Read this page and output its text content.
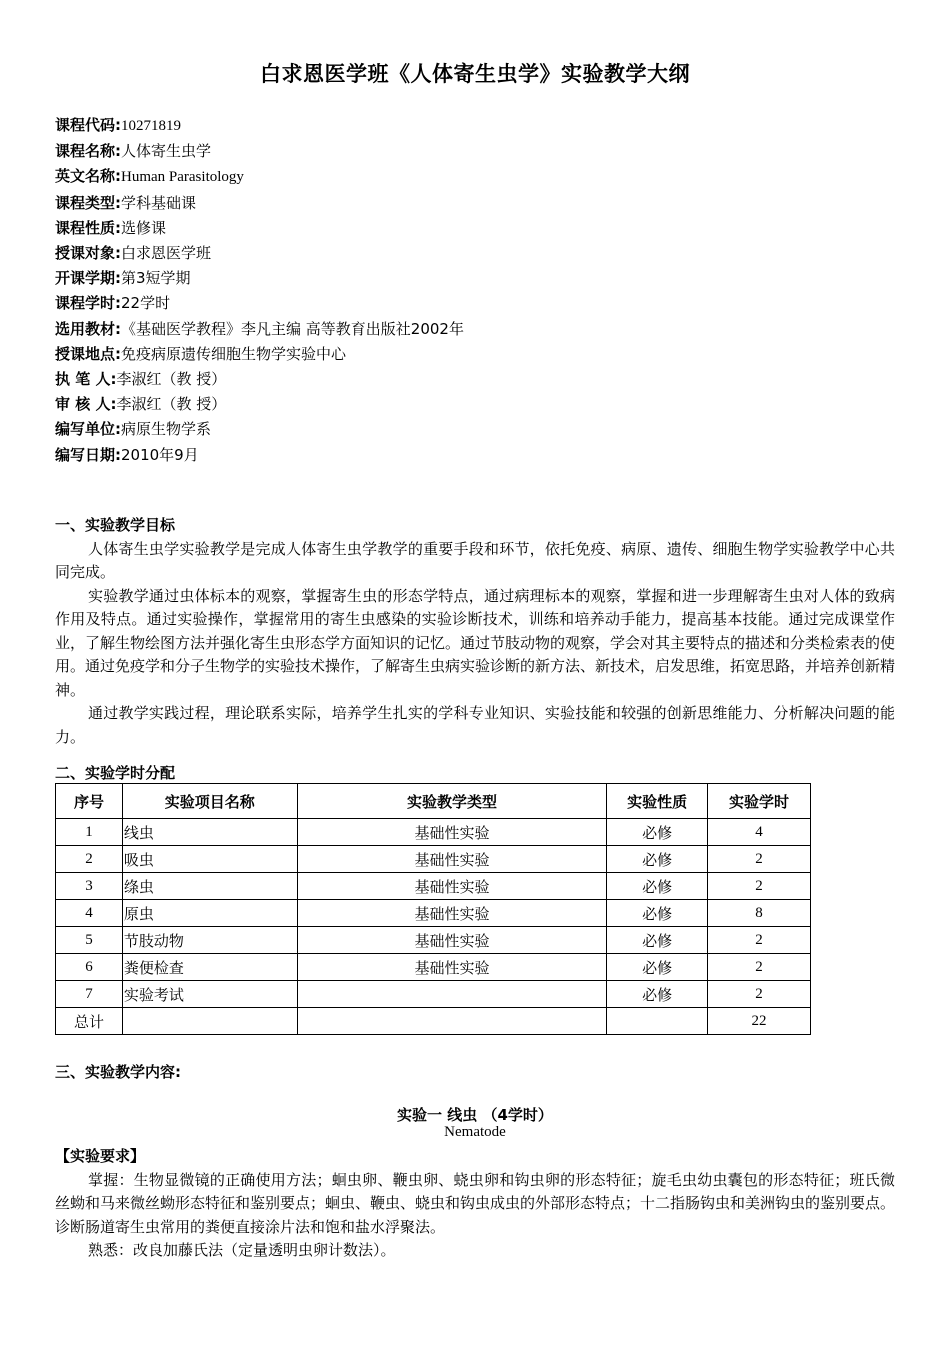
白求恩医学班《人体寄生虫学》实验教学大纲
课程代码:10271819
课程名称:人体寄生虫学
英文名称:Human Parasitology
课程类型:学科基础课
课程性质:选修课
授课对象:白求恩医学班
开课学期:第3短学期
课程学时:22学时
选用教材:《基础医学教程》李凡主编 高等教育出版社2002年
授课地点:免疫病原遗传细胞生物学实验中心
执 笔 人:李淑红（教 授）
审 核 人:李淑红（教 授）
编写单位:病原生物学系
编写日期:2010年9月
一、实验教学目标

人体寄生虫学实验教学是完成人体寄生虫学教学的重要手段和环节，依托免疫、病原、遗传、细胞生物学实验教学中心共同完成。

实验教学通过虫体标本的观察，掌握寄生虫的形态学特点，通过病理标本的观察，掌握和进一步理解寄生虫对人体的致病作用及特点。通过实验操作，掌握常用的寄生虫感染的实验诊断技术，训练和培养动手能力，提高基本技能。通过完成课堂作业，了解生物绘图方法并强化寄生虫形态学方面知识的记忆。通过节肢动物的观察，学会对其主要特点的描述和分类检索表的使用。通过免疫学和分子生物学的实验技术操作，了解寄生虫病实验诊断的新方法、新技术，启发思维，拓宽思路，并培养创新精神。

通过教学实践过程，理论联系实际，培养学生扎实的学科专业知识、实验技能和较强的创新思维能力、分析解决问题的能力。

二、实验学时分配
序号	实验项目名称	实验教学类型	实验性质	实验学时
1	线虫	基础性实验	必修	4
2	吸虫	基础性实验	必修	2
3	绦虫	基础性实验	必修	2
4	原虫	基础性实验	必修	8
5	节肢动物	基础性实验	必修	2
6	粪便检查	基础性实验	必修	2
7	实验考试		必修	2
总计				22
三、实验教学内容:
实验一 线虫 （4学时）
Nematode
【实验要求】

掌握：生物显微镜的正确使用方法；蛔虫卵、鞭虫卵、蛲虫卵和钩虫卵的形态特征；旋毛虫幼虫囊包的形态特征；班氏微丝蚴和马来微丝蚴形态特征和鉴别要点；蛔虫、鞭虫、蛲虫和钩虫成虫的外部形态特点；十二指肠钩虫和美洲钩虫的鉴别要点。诊断肠道寄生虫常用的粪便直接涂片法和饱和盐水浮聚法。

熟悉：改良加藤氏法（定量透明虫卵计数法）。
